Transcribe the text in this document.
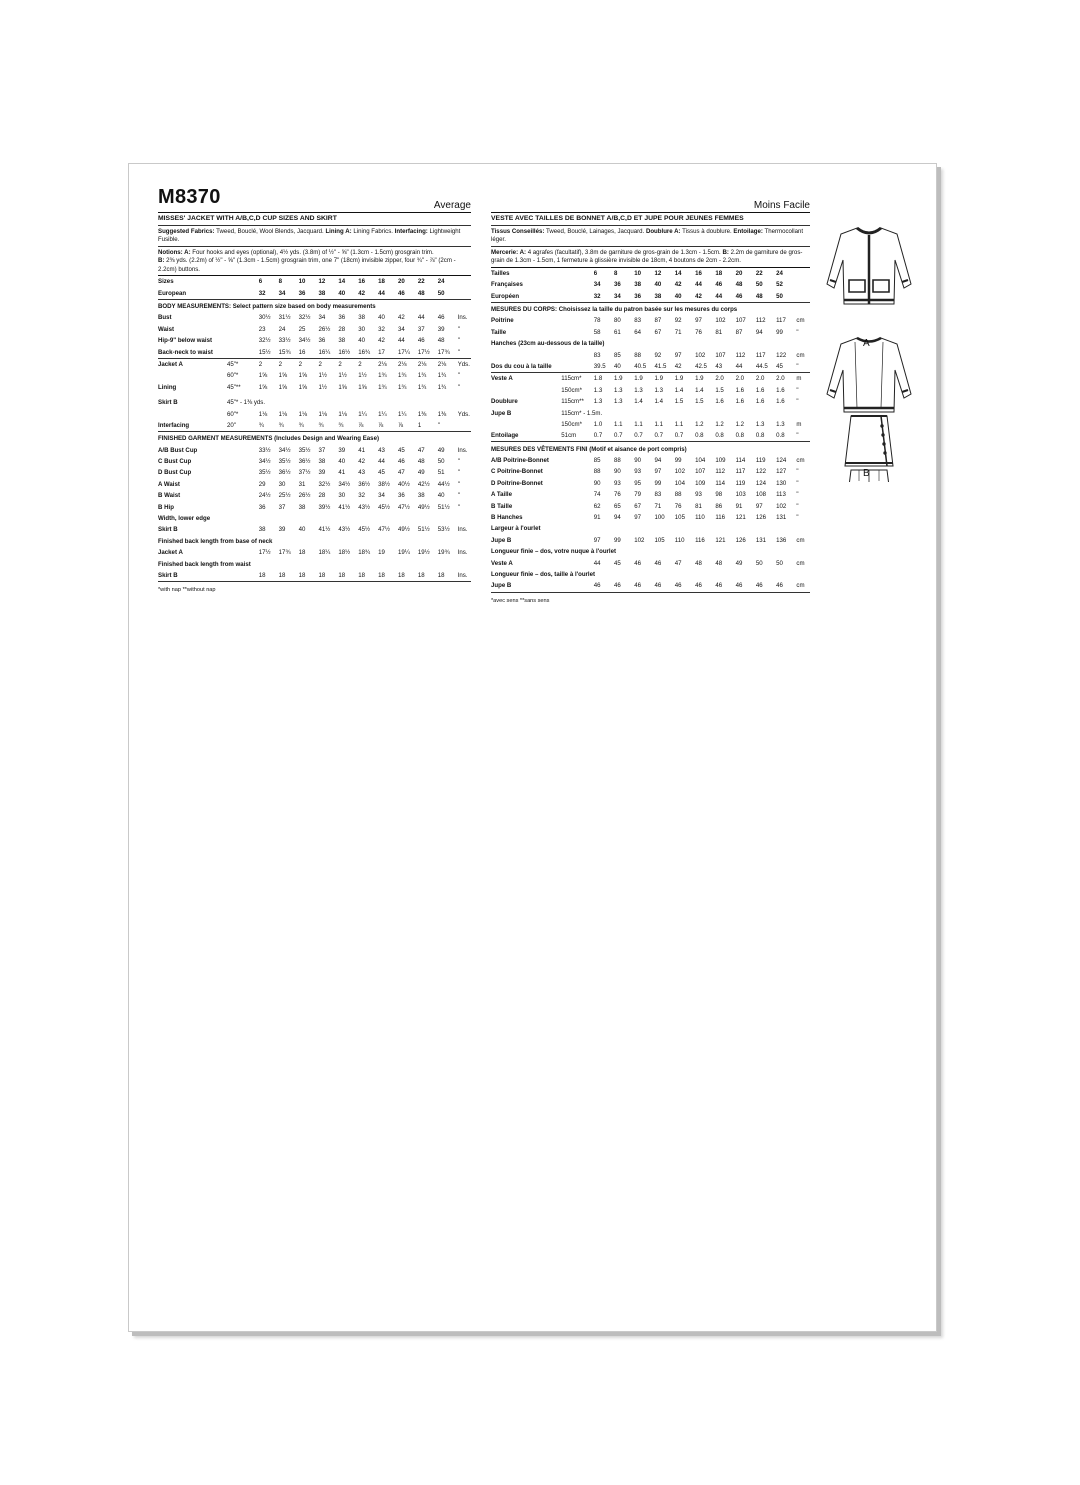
M8370	Average
MISSES' JACKET WITH A/B,C,D CUP SIZES AND SKIRT
Suggested Fabrics: Tweed, Bouclé, Wool Blends, Jacquard. Lining A: Lining Fabrics. Interfacing: Lightweight Fusible.
Notions: A: Four hooks and eyes (optional), 4½ yds. (3.8m) of ½" - ⅝" (1.3cm - 1.5cm) grosgrain trim.
B: 2⅜ yds. (2.2m) of ½" - ⅝" (1.3cm - 1.5cm) grosgrain trim, one 7" (18cm) invisible zipper, four ¾" - ⅞" (2cm - 2.2cm) buttons.
Sizes		6	8	10	12	14	16	18	20	22	24	
European		32	34	36	38	40	42	44	46	48	50	
BODY MEASUREMENTS: Select pattern size based on body measurements												
Bust		30½	31½	32½	34	36	38	40	42	44	46	Ins.
Waist		23	24	25	26½	28	30	32	34	37	39	"
Hip-9" below waist		32½	33½	34½	36	38	40	42	44	46	48	"
Back-neck to waist		15½	15¾	16	16¼	16½	16¾	17	17¼	17½	17¾	"
Jacket A	45"*	2	2	2	2	2	2	2⅛	2⅛	2⅛	2⅛	Yds.
	60"*	1⅝	1⅝	1⅝	1½	1½	1½	1¾	1¾	1¾	1¾	"
Lining	45"**	1⅝	1⅝	1⅝	1½	1⅝	1⅝	1¾	1¾	1¾	1¾	"

Skirt B	45"* - 1⅜ yds.											
	60"*	1⅛	1⅛	1⅛	1⅛	1⅛	1¼	1¼	1¼	1⅜	1⅜	Yds.
Interfacing	20"	¾	¾	¾	¾	¾	⅞	⅞	⅞	1	"	
FINISHED GARMENT MEASUREMENTS (Includes Design and Wearing Ease)												
A/B Bust Cup		33½	34½	35½	37	39	41	43	45	47	49	Ins.
C Bust Cup		34½	35½	36½	38	40	42	44	46	48	50	"
D Bust Cup		35½	36½	37½	39	41	43	45	47	49	51	"
A Waist		29	30	31	32½	34½	36½	38½	40½	42½	44½	"
B Waist		24½	25½	26½	28	30	32	34	36	38	40	"
B Hip		36	37	38	39½	41½	43½	45½	47½	49½	51½	"
Width, lower edge												
Skirt B		38	39	40	41½	43½	45½	47½	49½	51½	53½	Ins.
Finished back length from base of neck												
Jacket A		17½	17¾	18	18¼	18½	18¾	19	19¼	19½	19¾	Ins.
Finished back length from waist												
Skirt B		18	18	18	18	18	18	18	18	18	18	Ins.
*with nap **without nap
Moins Facile
VESTE AVEC TAILLES DE BONNET A/B,C,D ET JUPE POUR JEUNES FEMMES
Tissus Conseillés: Tweed, Bouclé, Lainages, Jacquard. Doublure A: Tissus à doublure. Entoilage: Thermocollant léger.
Mercerie: A: 4 agrafes (facultatif), 3.8m de garniture de gros-grain de 1.3cm - 1.5cm. B: 2.2m de garniture de gros-grain de 1.3cm - 1.5cm, 1 fermeture à glissière invisible de 18cm, 4 boutons de 2cm - 2.2cm.
Tailles		6	8	10	12	14	16	18	20	22	24	
Françaises		34	36	38	40	42	44	46	48	50	52	
Européen		32	34	36	38	40	42	44	46	48	50	
MESURES DU CORPS: Choisissez la taille du patron basée sur les mesures du corps												
Poitrine		78	80	83	87	92	97	102	107	112	117	cm
Taille		58	61	64	67	71	76	81	87	94	99	"
Hanches (23cm au-dessous de la taille)												
		83	85	88	92	97	102	107	112	117	122	cm
Dos du cou à la taille		39.5	40	40.5	41.5	42	42.5	43	44	44.5	45	"
Veste A	115cm*	1.8	1.9	1.9	1.9	1.9	1.9	2.0	2.0	2.0	2.0	m
	150cm*	1.3	1.3	1.3	1.3	1.4	1.4	1.5	1.6	1.6	1.6	"
Doublure	115cm**	1.3	1.3	1.4	1.4	1.5	1.5	1.6	1.6	1.6	1.6	"
Jupe B	115cm* - 1.5m.											
	150cm*	1.0	1.1	1.1	1.1	1.1	1.2	1.2	1.2	1.3	1.3	m
Entoilage	51cm	0.7	0.7	0.7	0.7	0.7	0.8	0.8	0.8	0.8	0.8	"
MESURES DES VÊTEMENTS FINI (Motif et aisance de port compris)												
A/B Poitrine-Bonnet		85	88	90	94	99	104	109	114	119	124	cm
C Poitrine-Bonnet		88	90	93	97	102	107	112	117	122	127	"
D Poitrine-Bonnet		90	93	95	99	104	109	114	119	124	130	"
A Taille		74	76	79	83	88	93	98	103	108	113	"
B Taille		62	65	67	71	76	81	86	91	97	102	"
B Hanches		91	94	97	100	105	110	116	121	126	131	"
Largeur à l'ourlet												
Jupe B		97	99	102	105	110	116	121	126	131	136	cm
Longueur finie – dos, votre nuque à l'ourlet												
Veste A		44	45	46	46	47	48	48	49	50	50	cm
Longueur finie – dos, taille à l'ourlet												
Jupe B		46	46	46	46	46	46	46	46	46	46	cm
*avec sens **sans sens
A
B
